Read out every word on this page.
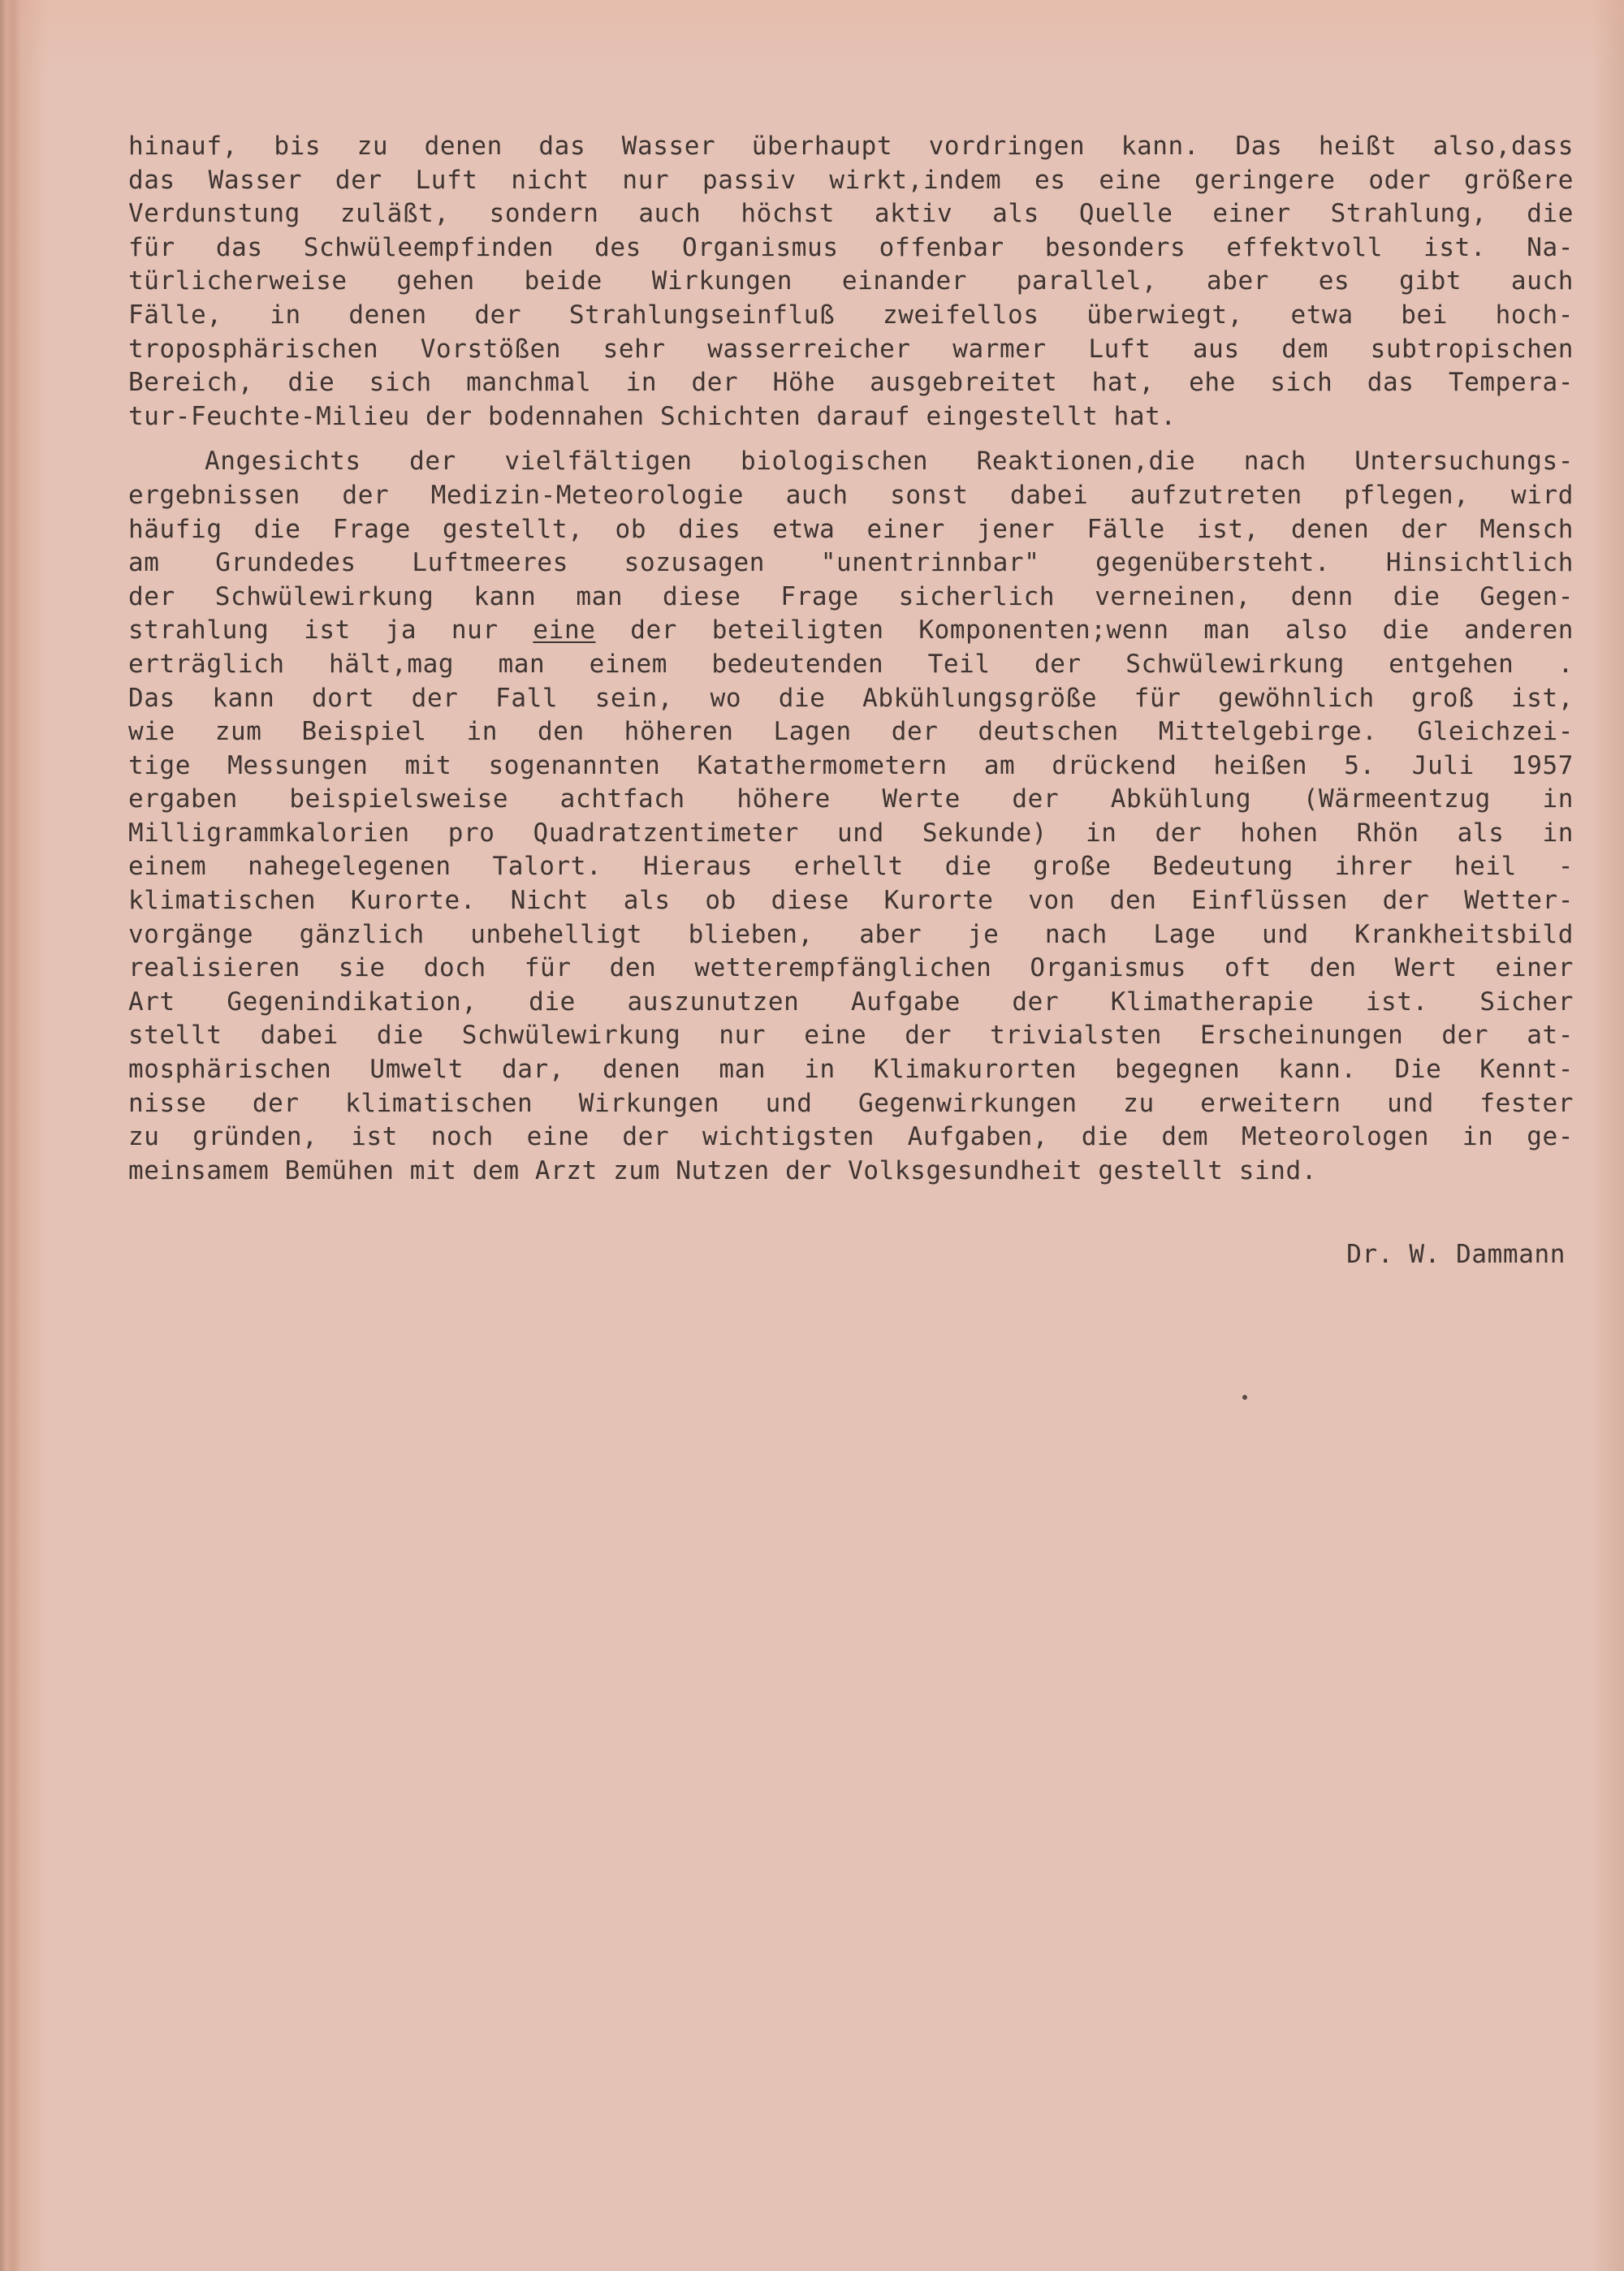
hinauf, bis zu denen das Wasser überhaupt vordringen kann. Das heißt also,dass
das Wasser der Luft nicht nur passiv wirkt,indem es eine geringere oder größere
Verdunstung zuläßt, sondern auch höchst aktiv als Quelle einer Strahlung, die
für das Schwüleempfinden des Organismus offenbar besonders effektvoll ist. Na-
türlicherweise gehen beide Wirkungen einander parallel, aber es gibt auch
Fälle, in denen der Strahlungseinfluß zweifellos überwiegt, etwa bei hoch-
troposphärischen Vorstößen sehr wasserreicher warmer Luft aus dem subtropischen
Bereich, die sich manchmal in der Höhe ausgebreitet hat, ehe sich das Tempera-
tur-Feuchte-Milieu der bodennahen Schichten darauf eingestellt hat.
Angesichts der vielfältigen biologischen Reaktionen,die nach Untersuchungs-
ergebnissen der Medizin-Meteorologie auch sonst dabei aufzutreten pflegen, wird
häufig die Frage gestellt, ob dies etwa einer jener Fälle ist, denen der Mensch
am Grundedes Luftmeeres sozusagen "unentrinnbar" gegenübersteht. Hinsichtlich
der Schwülewirkung kann man diese Frage sicherlich verneinen, denn die Gegen-
strahlung ist ja nur eine der beteiligten Komponenten;wenn man also die anderen
erträglich hält,mag man einem bedeutenden Teil der Schwülewirkung entgehen .
Das kann dort der Fall sein, wo die Abkühlungsgröße für gewöhnlich groß ist,
wie zum Beispiel in den höheren Lagen der deutschen Mittelgebirge. Gleichzei-
tige Messungen mit sogenannten Katathermometern am drückend heißen 5. Juli 1957
ergaben beispielsweise achtfach höhere Werte der Abkühlung (Wärmeentzug in
Milligrammkalorien pro Quadratzentimeter und Sekunde) in der hohen Rhön als in
einem nahegelegenen Talort. Hieraus erhellt die große Bedeutung ihrer heil -
klimatischen Kurorte. Nicht als ob diese Kurorte von den Einflüssen der Wetter-
vorgänge gänzlich unbehelligt blieben, aber je nach Lage und Krankheitsbild
realisieren sie doch für den wetterempfänglichen Organismus oft den Wert einer
Art Gegenindikation, die auszunutzen Aufgabe der Klimatherapie ist. Sicher
stellt dabei die Schwülewirkung nur eine der trivialsten Erscheinungen der at-
mosphärischen Umwelt dar, denen man in Klimakurorten begegnen kann. Die Kennt-
nisse der klimatischen Wirkungen und Gegenwirkungen zu erweitern und fester
zu gründen, ist noch eine der wichtigsten Aufgaben, die dem Meteorologen in ge-
meinsamem Bemühen mit dem Arzt zum Nutzen der Volksgesundheit gestellt sind.
Dr. W. Dammann
